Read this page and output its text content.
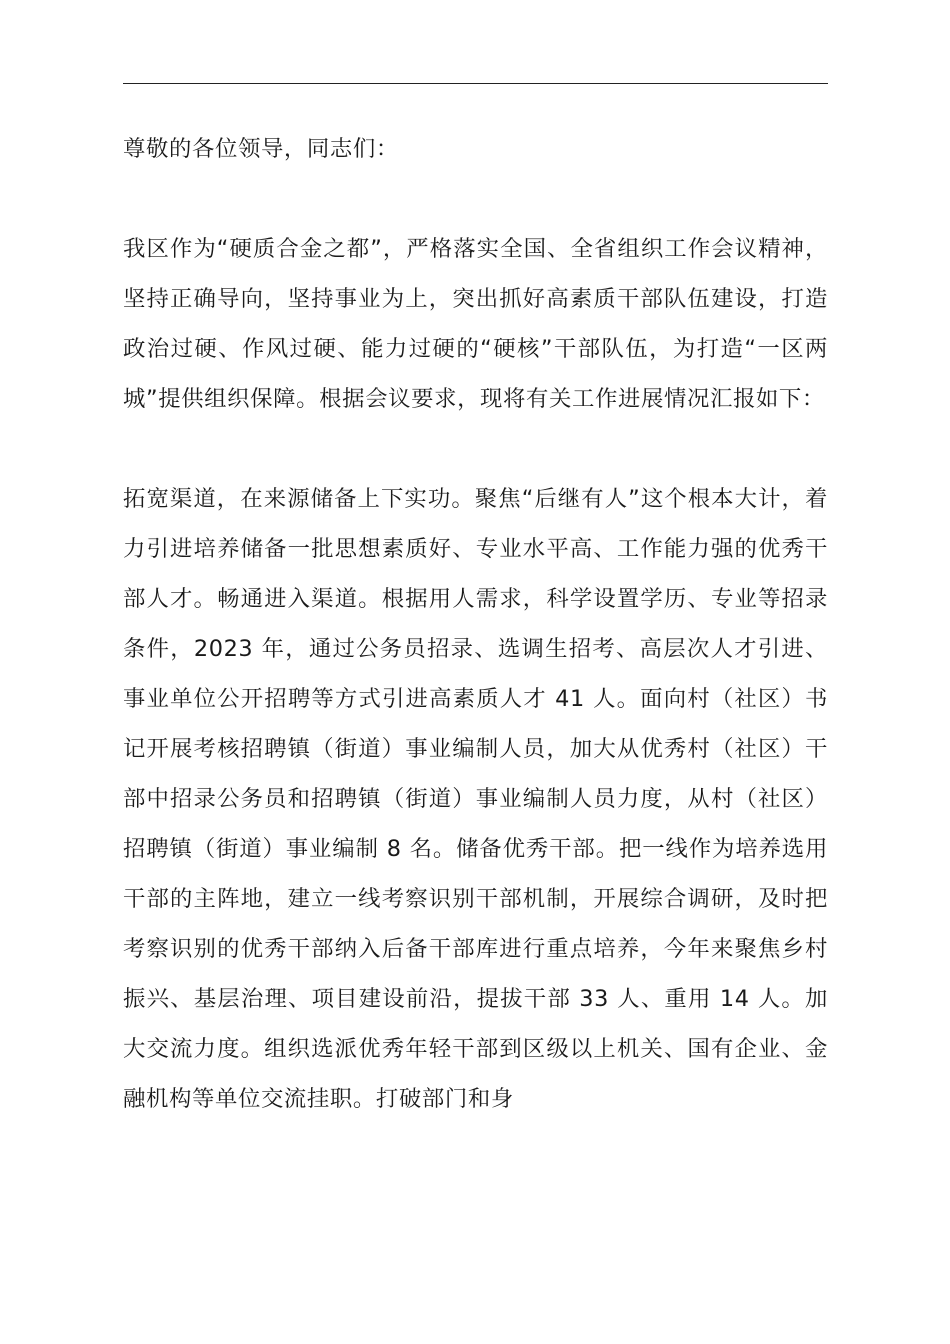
尊敬的各位领导，同志们：

我区作为“硬质合金之都”，严格落实全国、全省组织工作会议精神，坚持正确导向，坚持事业为上，突出抓好高素质干部队伍建设，打造政治过硬、作风过硬、能力过硬的“硬核”干部队伍，为打造“一区两城”提供组织保障。根据会议要求，现将有关工作进展情况汇报如下：

拓宽渠道，在来源储备上下实功。聚焦“后继有人”这个根本大计，着力引进培养储备一批思想素质好、专业水平高、工作能力强的优秀干部人才。畅通进入渠道。根据用人需求，科学设置学历、专业等招录条件，2023 年，通过公务员招录、选调生招考、高层次人才引进、事业单位公开招聘等方式引进高素质人才 41 人。面向村（社区）书记开展考核招聘镇（街道）事业编制人员，加大从优秀村（社区）干部中招录公务员和招聘镇（街道）事业编制人员力度，从村（社区）招聘镇（街道）事业编制 8 名。储备优秀干部。把一线作为培养选用干部的主阵地，建立一线考察识别干部机制，开展综合调研，及时把考察识别的优秀干部纳入后备干部库进行重点培养，今年来聚焦乡村振兴、基层治理、项目建设前沿，提拔干部 33 人、重用 14 人。加大交流力度。组织选派优秀年轻干部到区级以上机关、国有企业、金融机构等单位交流挂职。打破部门和身
